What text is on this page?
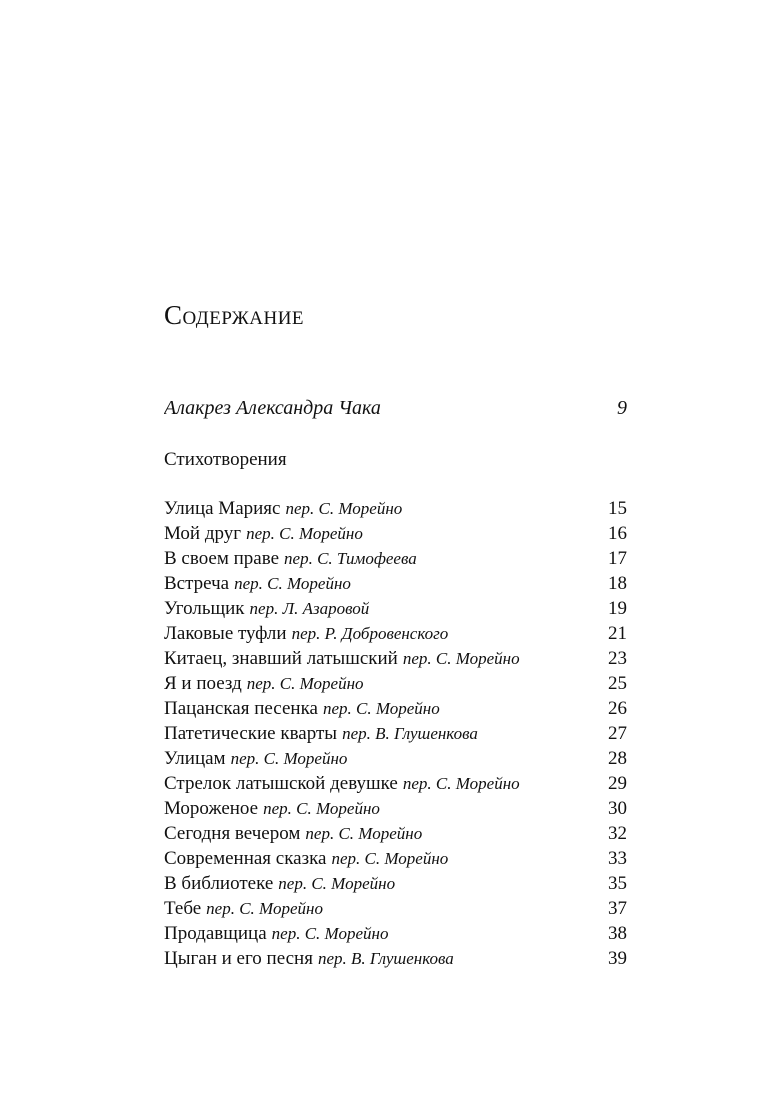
Содержание
Алакрез Александра Чака	9
Стихотворения
Улица Марияс пер. С. Морейно	15
Мой друг пер. С. Морейно	16
В своем праве пер. С. Тимофеева	17
Встреча пер. С. Морейно	18
Угольщик пер. Л. Азаровой	19
Лаковые туфли пер. Р. Добровенского	21
Китаец, знавший латышский пер. С. Морейно	23
Я и поезд пер. С. Морейно	25
Пацанская песенка пер. С. Морейно	26
Патетические кварты пер. В. Глушенкова	27
Улицам пер. С. Морейно	28
Стрелок латышской девушке пер. С. Морейно	29
Мороженое пер. С. Морейно	30
Сегодня вечером пер. С. Морейно	32
Современная сказка пер. С. Морейно	33
В библиотеке пер. С. Морейно	35
Тебе пер. С. Морейно	37
Продавщица пер. С. Морейно	38
Цыган и его песня пер. В. Глушенкова	39
